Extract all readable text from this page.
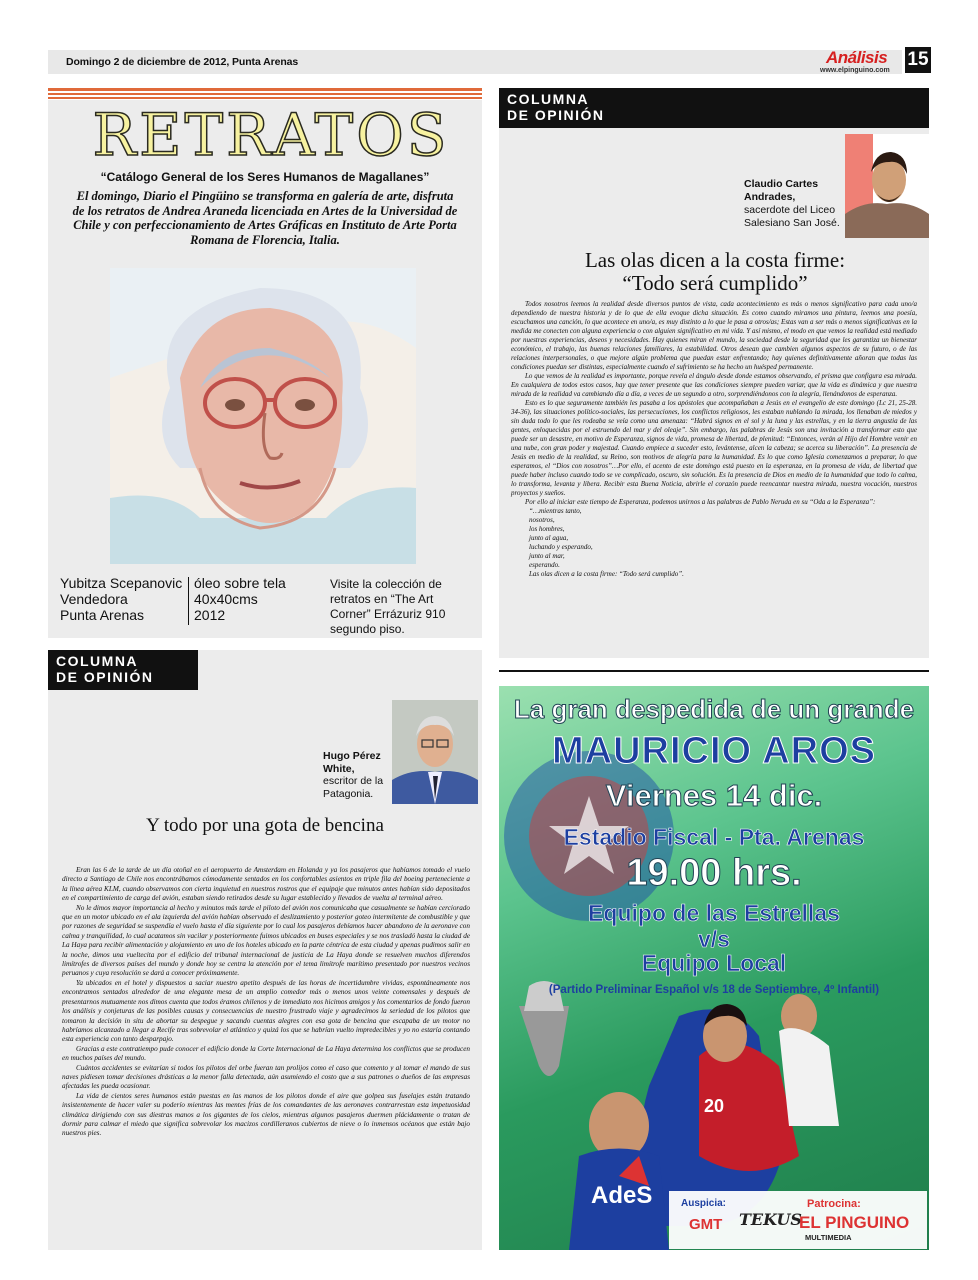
Domingo 2 de diciembre de 2012, Punta Arenas	Análisis
www.elpinguino.com
15
RETRATOS
“Catálogo General de los Seres Humanos de Magallanes”
El domingo, Diario el Pingüino se transforma en galería de arte, disfruta de los retratos de Andrea Araneda licenciada en Artes de la Universidad de Chile y con perfeccionamiento de Artes Gráficas en Instituto de Arte Porta Romana de Florencia, Italia.
Yubitza Scepanovic
Vendedora
Punta Arenas
óleo sobre tela
40x40cms
2012
Visite la colección de retratos en “The Art Corner” Errázuriz 910 segundo piso.
COLUMNA
DE OPINIÓN
Hugo Pérez White,
escritor de la Patagonia.
Y todo por una gota de bencina

Eran las 6 de la tarde de un día otoñal en el aeropuerto de Amsterdam en Holanda y ya los pasajeros que habíamos tomado el vuelo directo a Santiago de Chile nos encontrábamos cómodamente sentados en los confortables asientos en triple fila del boeing perteneciente a la línea aérea KLM, cuando observamos con cierta inquietud en nuestros rostros que el equipaje que minutos antes habían sido depositados en el compartimiento de carga del avión, estaban siendo retirados desde su lugar establecido y llevados de vuelta al terminal aéreo.

No le dimos mayor importancia al hecho y minutos más tarde el piloto del avión nos comunicaba que casualmente se habían cerciorado que en un motor ubicado en el ala izquierda del avión habían observado el deslizamiento y posterior goteo intermitente de combustible y que por razones de seguridad se suspendía el vuelo hasta el día siguiente por lo cual los pasajeros debíamos hacer abandono de la aeronave con calma y tranquilidad, lo cual acatamos sin vacilar y posteriormente fuimos ubicados en buses especiales y se nos trasladó hasta la ciudad de La Haya para recibir alimentación y alojamiento en uno de los hoteles ubicado en la parte céntrica de esta ciudad y apenas pudimos salir en la noche, dimos una vueltecita por el edificio del tribunal internacional de justicia de La Haya donde se resuelven muchos diferendos limítrofes de diversos países del mundo y donde hoy se centra la atención por el tema limítrofe marítimo presentado por nuestros vecinos peruanos y cuya resolución se dará a conocer próximamente.

Ya ubicados en el hotel y dispuestos a saciar nuestro apetito después de las horas de incertidumbre vividas, espontáneamente nos encontramos sentados alrededor de una elegante mesa de un amplio comedor más o menos unos veinte comensales y después de presentarnos mutuamente nos dimos cuenta que todos éramos chilenos y de inmediato nos hicimos amigos y los comentarios de fondo fueron los análisis y conjeturas de las posibles causas y consecuencias de nuestro frustrado viaje y agradecimos la seriedad de los pilotos que tomaron la decisión in situ de abortar su despegue y sacando cuentas alegres con esa gota de bencina que escapaba de un motor no habríamos alcanzado a llegar a Recife tras sobrevolar el atlántico y quizá los que se habrían vuelto impredecibles y yo no estaría contando esta experiencia con tanto desparpajo.

Gracias a este contratiempo pude conocer el edificio donde la Corte Internacional de La Haya determina los conflictos que se producen en muchos países del mundo.

Cuántos accidentes se evitarían si todos los pilotos del orbe fueran tan prolijos como el caso que comento y al tomar el mando de sus naves pidiesen tomar decisiones drásticas a la menor falla detectada, aún asumiendo el costo que a sus patrones o dueños de las empresas afectadas les pueda ocasionar.

La vida de cientos seres humanos están puestas en las manos de los pilotos donde el aire que golpea sus fuselajes están tratando insistentemente de hacer valer su poderío mientras las mentes frías de los comandantes de las aeronaves contrarrestan esta impetuosidad climática dirigiendo con sus diestras manos a los gigantes de los cielos, mientras algunos pasajeros duermen plácidamente o tratan de dormir para calmar el miedo que significa sobrevolar los macizos cordilleranos cubiertos de nieve o lo inmensos océanos que están bajo nuestros pies.

COLUMNA
DE OPINIÓN
Claudio Cartes Andrades,
sacerdote del Liceo Salesiano San José.
Las olas dicen a la costa firme:
“Todo será cumplido”

Todos nosotros leemos la realidad desde diversos puntos de vista, cada acontecimiento es más o menos significativo para cada uno/a dependiendo de nuestra historia y de lo que de ella evoque dicha situación. Es como cuando miramos una pintura, leemos una poesía, escuchamos una canción, lo que acontece en uno/a, es muy distinto a lo que le pasa a otros/as; Estas van a ser más o menos significativas en la medida me conecten con alguna experiencia o con alguien significativo en mi vida. Y así mismo, el modo en que vemos la realidad está mediado por nuestras experiencias, deseos y necesidades. Hay quienes miran el mundo, la sociedad desde la seguridad que les garantiza un bienestar económico, el trabajo, las buenas relaciones familiares, la estabilidad. Otros desean que cambien algunos aspectos de su futuro, o de las relaciones interpersonales, o que mejore algún problema que puedan estar enfrentando; hay quienes definitivamente añoran que todas las condiciones puedan ser distintas, especialmente cuando el sufrimiento se ha hecho un huésped permanente.

Lo que vemos de la realidad es importante, porque revela el ángulo desde donde estamos observando, el prisma que configura esa mirada. En cualquiera de todos estos casos, hay que tener presente que las condiciones siempre pueden variar, que la vida es dinámica y que nuestra mirada de la realidad va cambiando día a día, a veces de un segundo a otro, sorprendiéndonos con la alegría, llenándonos de esperanza.

Esto es lo que seguramente también les pasaba a los apóstoles que acompañaban a Jesús en el evangelio de este domingo (Lc 21, 25-28. 34-36), las situaciones político-sociales, las persecuciones, los conflictos religiosos, les estaban nublando la mirada, los llenaban de miedos y sin duda todo lo que les rodeaba se veía como una amenaza: “Habrá signos en el sol y la luna y las estrellas, y en la tierra angustia de las gentes, enloquecidas por el estruendo del mar y del oleaje”. Sin embargo, las palabras de Jesús son una invitación a transformar esto que puede ser un desastre, en motivo de Esperanza, signos de vida, promesa de libertad, de plenitud: “Entonces, verán al Hijo del Hombre venir en una nube, con gran poder y majestad. Cuando empiece a suceder esto, levántense, alcen la cabeza; se acerca su liberación”. La presencia de Jesús en medio de la realidad, su Reino, son motivos de alegría para la humanidad. Es lo que como Iglesia comenzamos a preparar, lo que esperamos, el “Dios con nosotros”…Por ello, el acento de este domingo está puesto en la esperanza, en la promesa de vida, de libertad que puede haber incluso cuando todo se ve complicado, oscuro, sin solución. Es la presencia de Dios en medio de la humanidad que todo lo calma, lo transforma, levanta y libera. Recibir esta Buena Noticia, abrirle el corazón puede reencantar nuestra mirada, nuestra vocación, nuestros proyectos y sueños.

Por ello al iniciar este tiempo de Esperanza, podemos unirnos a las palabras de Pablo Neruda en su “Oda a la Esperanza”:

“…mientras tanto,
nosotros,
los hombres,
junto al agua,
luchando y esperando,
junto al mar,
esperando.
Las olas dicen a la costa firme: “Todo será cumplido”.
La gran despedida de un grande
MAURICIO AROS
Viernes 14 dic.
Estadio Fiscal - Pta. Arenas
19.00 hrs.
Equipo de las Estrellas
v/s
Equipo Local
(Partido Preliminar Español v/s 18 de Septiembre, 4º Infantil)
AdeS
20
Auspicia:
GMT TEKUS
Patrocina:
EL PINGUINO
MULTIMEDIA
